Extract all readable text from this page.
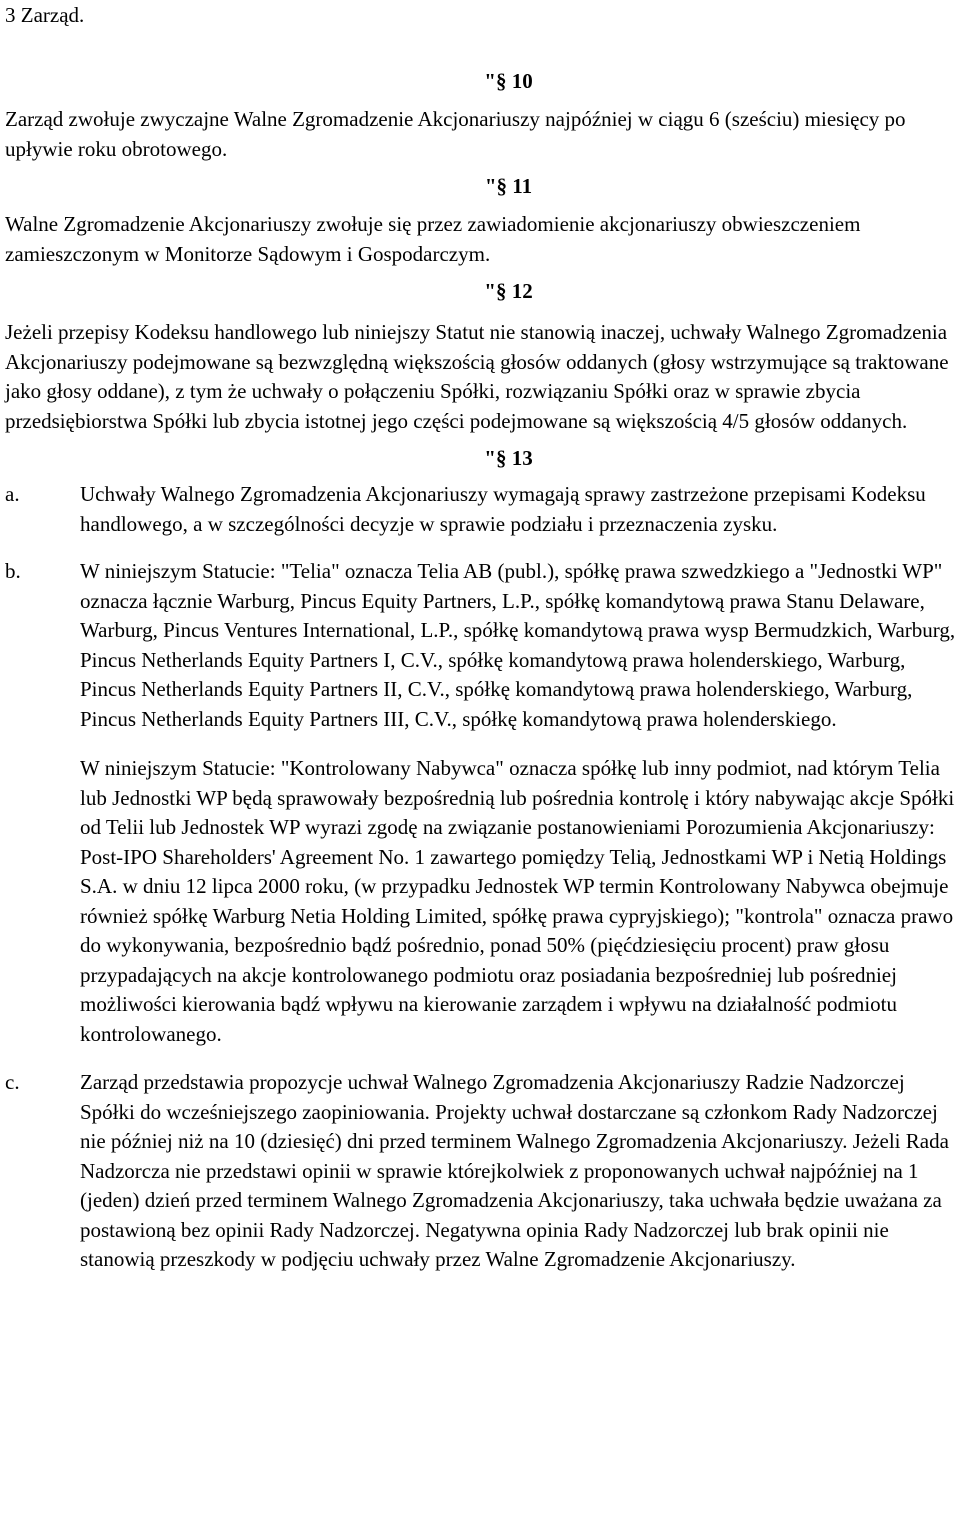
3 Zarząd.
"§ 10

Zarząd zwołuje zwyczajne Walne Zgromadzenie Akcjonariuszy najpóźniej w ciągu 6 (sześciu) miesięcy po upływie roku obrotowego.

"§ 11

Walne Zgromadzenie Akcjonariuszy zwołuje się przez zawiadomienie akcjonariuszy obwieszczeniem zamieszczonym w Monitorze Sądowym i Gospodarczym.

"§ 12

Jeżeli przepisy Kodeksu handlowego lub niniejszy Statut nie stanowią inaczej, uchwały Walnego Zgromadzenia Akcjonariuszy podejmowane są bezwzględną większością głosów oddanych (głosy wstrzymujące są traktowane jako głosy oddane), z tym że uchwały o połączeniu Spółki, rozwiązaniu Spółki oraz w sprawie zbycia przedsiębiorstwa Spółki lub zbycia istotnej jego części podejmowane są większością 4/5 głosów oddanych.

"§ 13
a.	Uchwały Walnego Zgromadzenia Akcjonariuszy wymagają sprawy zastrzeżone przepisami Kodeksu handlowego, a w szczególności decyzje w sprawie podziału i przeznaczenia zysku.
b.	W niniejszym Statucie: "Telia" oznacza Telia AB (publ.), spółkę prawa szwedzkiego a "Jednostki WP" oznacza łącznie Warburg, Pincus Equity Partners, L.P., spółkę komandytową prawa Stanu Delaware, Warburg, Pincus Ventures International, L.P., spółkę komandytową prawa wysp Bermudzkich, Warburg, Pincus Netherlands Equity Partners I, C.V., spółkę komandytową prawa holenderskiego, Warburg, Pincus Netherlands Equity Partners II, C.V., spółkę komandytową prawa holenderskiego, Warburg, Pincus Netherlands Equity Partners III, C.V., spółkę komandytową prawa holenderskiego.

W niniejszym Statucie: "Kontrolowany Nabywca" oznacza spółkę lub inny podmiot, nad którym Telia lub Jednostki WP będą sprawowały bezpośrednią lub pośrednia kontrolę i który nabywając akcje Spółki od Telii lub Jednostek WP wyrazi zgodę na związanie postanowieniami Porozumienia Akcjonariuszy: Post-IPO Shareholders' Agreement No. 1 zawartego pomiędzy Telią, Jednostkami WP i Netią Holdings S.A. w dniu 12 lipca 2000 roku, (w przypadku Jednostek WP termin Kontrolowany Nabywca obejmuje również spółkę Warburg Netia Holding Limited, spółkę prawa cypryjskiego); "kontrola" oznacza prawo do wykonywania, bezpośrednio bądź pośrednio, ponad 50% (pięćdziesięciu procent) praw głosu przypadających na akcje kontrolowanego podmiotu oraz posiadania bezpośredniej lub pośredniej możliwości kierowania bądź wpływu na kierowanie zarządem i wpływu na działalność podmiotu kontrolowanego.

c.	Zarząd przedstawia propozycje uchwał Walnego Zgromadzenia Akcjonariuszy Radzie Nadzorczej Spółki do wcześniejszego zaopiniowania. Projekty uchwał dostarczane są członkom Rady Nadzorczej nie później niż na 10 (dziesięć) dni przed terminem Walnego Zgromadzenia Akcjonariuszy. Jeżeli Rada Nadzorcza nie przedstawi opinii w sprawie którejkolwiek z proponowanych uchwał najpóźniej na 1 (jeden) dzień przed terminem Walnego Zgromadzenia Akcjonariuszy, taka uchwała będzie uważana za postawioną bez opinii Rady Nadzorczej. Negatywna opinia Rady Nadzorczej lub brak opinii nie stanowią przeszkody w podjęciu uchwały przez Walne Zgromadzenie Akcjonariuszy.
